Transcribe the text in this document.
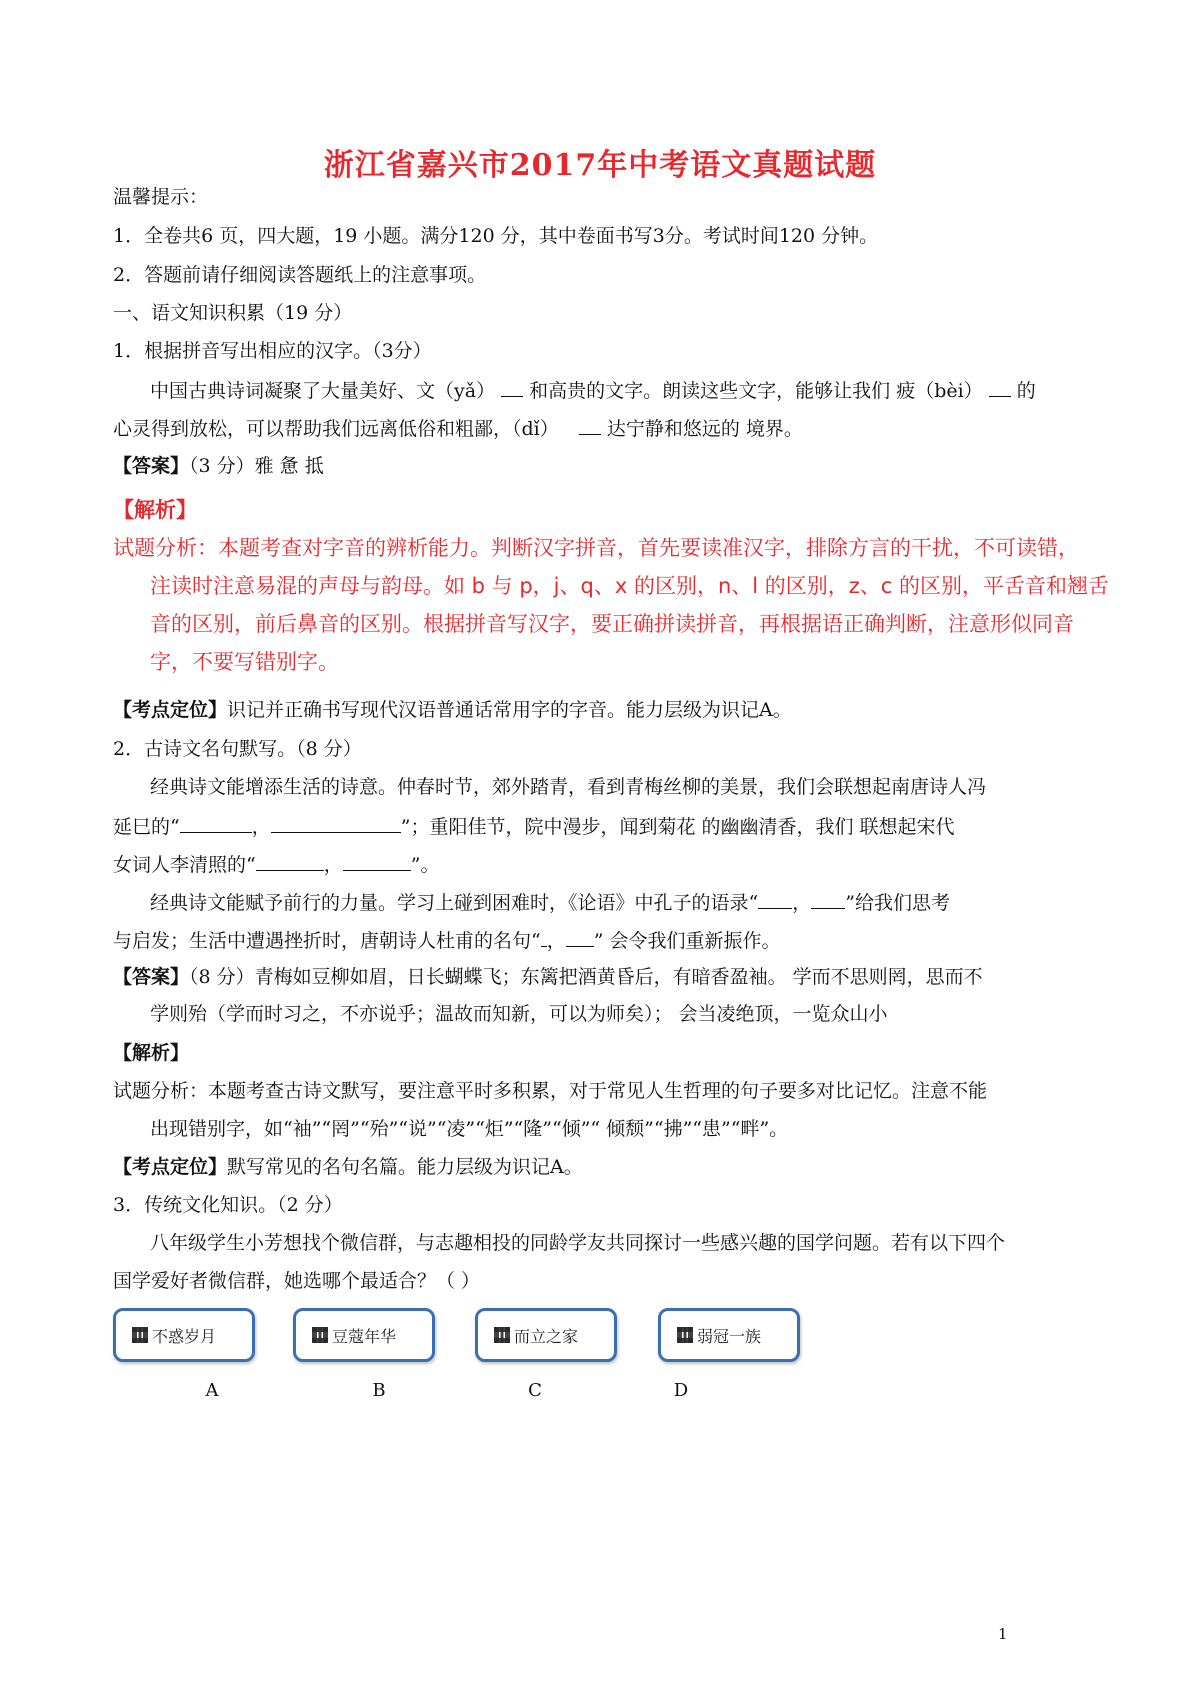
浙江省嘉兴市2017年中考语文真题试题
温馨提示：
1．全卷共6 页，四大题，19 小题。满分120 分，其中卷面书写3分。考试时间120 分钟。
2．答题前请仔细阅读答题纸上的注意事项。
一、语文知识积累（19 分）
1．根据拼音写出相应的汉字。（3分）
中国古典诗词凝聚了大量美好、文（yǎ） 和高贵的文字。朗读这些文字，能够让我们 疲（bèi） 的
心灵得到放松，可以帮助我们远离低俗和粗鄙，（dǐ）	达宁静和悠远的 境界。
【答案】（3 分）雅 惫 抵
【解析】
试题分析：本题考查对字音的辨析能力。判断汉字拼音，首先要读准汉字，排除方言的干扰，不可读错，
注读时注意易混的声母与韵母。如 b 与 p，j、q、x 的区别，n、l 的区别，z、c 的区别，平舌音和翘舌
音的区别，前后鼻音的区别。根据拼音写汉字，要正确拼读拼音，再根据语正确判断，注意形似同音
字，不要写错别字。
【考点定位】识记并正确书写现代汉语普通话常用字的字音。能力层级为识记A。
2．古诗文名句默写。（8 分）
经典诗文能增添生活的诗意。仲春时节，郊外踏青，看到青梅丝柳的美景，我们会联想起南唐诗人冯
延巳的“	，	”；重阳佳节，院中漫步，闻到菊花 的幽幽清香，我们 联想起宋代
女词人李清照的“	，	”。
经典诗文能赋予前行的力量。学习上碰到困难时，《论语》中孔子的语录“ ， ”给我们思考
与启发；生活中遭遇挫折时，唐朝诗人杜甫的名句“ ， ” 会令我们重新振作。
【答案】（8 分）青梅如豆柳如眉，日长蝴蝶飞；东篱把酒黄昏后，有暗香盈袖。 学而不思则罔，思而不
学则殆（学而时习之，不亦说乎；温故而知新，可以为师矣）； 会当凌绝顶，一览众山小
【解析】
试题分析：本题考查古诗文默写，要注意平时多积累，对于常见人生哲理的句子要多对比记忆。注意不能
出现错别字，如“袖”“罔”“殆”“说”“凌”“炬”“隆”“倾”“ 倾颓”“拂”“患”“畔”。
【考点定位】默写常见的名句名篇。能力层级为识记A。
3．传统文化知识。（2 分）
八年级学生小芳想找个微信群，与志趣相投的同龄学友共同探讨一些感兴趣的国学问题。若有以下四个
国学爱好者微信群，她选哪个最适合？（ ）
不惑岁月	豆蔻年华	而立之家	弱冠一族
A	B	C	D
1
